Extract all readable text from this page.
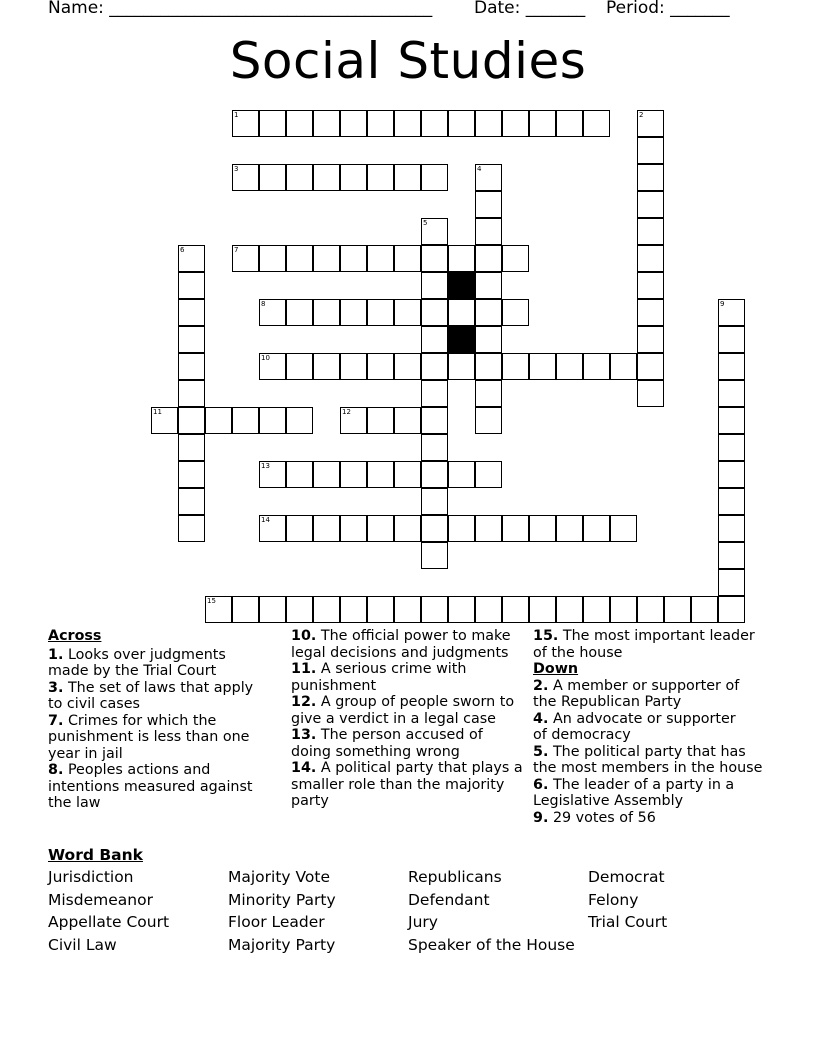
Name: ______________________________________ Date: _______ Period: _______
Social Studies
1	2
3	4
5
6	7
8	9
10
11	12
13
14
15
Across
1. Looks over judgments made by the Trial Court
3. The set of laws that apply to civil cases
7. Crimes for which the punishment is less than one year in jail
8. Peoples actions and intentions measured against the law
10. The official power to make legal decisions and judgments
11. A serious crime with punishment
12. A group of people sworn to give a verdict in a legal case
13. The person accused of doing something wrong
14. A political party that plays a smaller role than the majority party
15. The most important leader of the house
Down
2. A member or supporter of the Republican Party
4. An advocate or supporter of democracy
5. The political party that has the most members in the house
6. The leader of a party in a Legislative Assembly
9. 29 votes of 56
Word Bank
Jurisdiction	Majority Vote	Republicans	Democrat
Misdemeanor	Minority Party	Defendant	Felony
Appellate Court	Floor Leader	Jury	Trial Court
Civil Law	Majority Party	Speaker of the House
